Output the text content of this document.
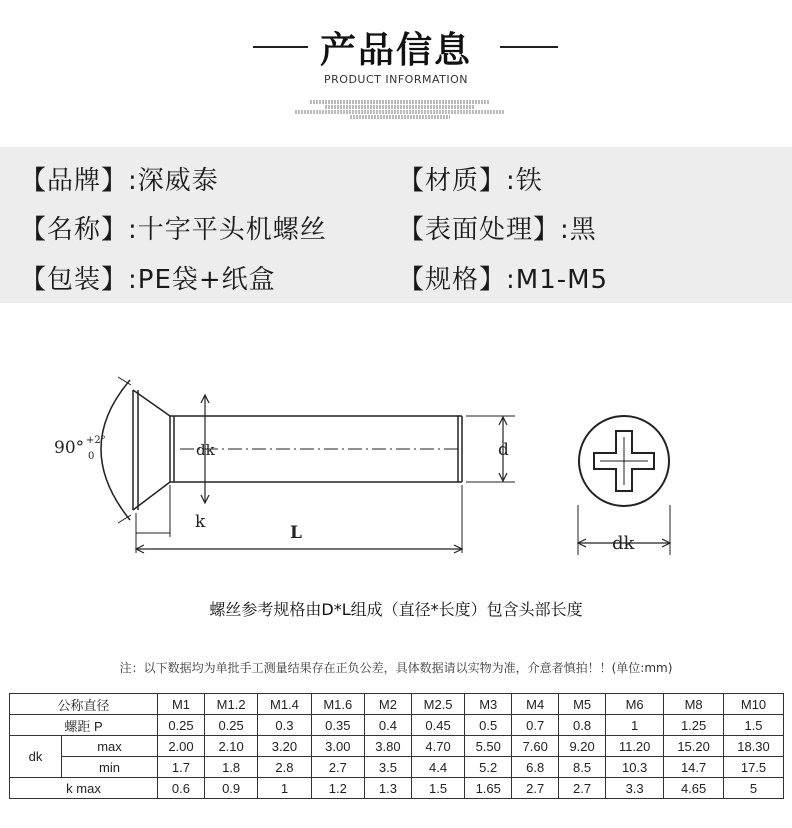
产品信息
PRODUCT INFORMATION
【品牌】:深威泰	【材质】:铁
【名称】:十字平头机螺丝	【表面处理】:黑
【包装】:PE袋+纸盒	【规格】:M1-M5
90° +2°
0	dk
k
L
d
dk
螺丝参考规格由D*L组成（直径*长度）包含头部长度
注：以下数据均为单批手工测量结果存在正负公差，具体数据请以实物为准，介意者慎拍！！(单位:mm)
公称直径		M1	M1.2	M1.4	M1.6	M2	M2.5	M3	M4	M5	M6	M8	M10
螺距 P		0.25	0.25	0.3	0.35	0.4	0.45	0.5	0.7	0.8	1	1.25	1.5
dk	max	2.00	2.10	3.20	3.00	3.80	4.70	5.50	7.60	9.20	11.20	15.20	18.30
	min	1.7	1.8	2.8	2.7	3.5	4.4	5.2	6.8	8.5	10.3	14.7	17.5
k max		0.6	0.9	1	1.2	1.3	1.5	1.65	2.7	2.7	3.3	4.65	5
